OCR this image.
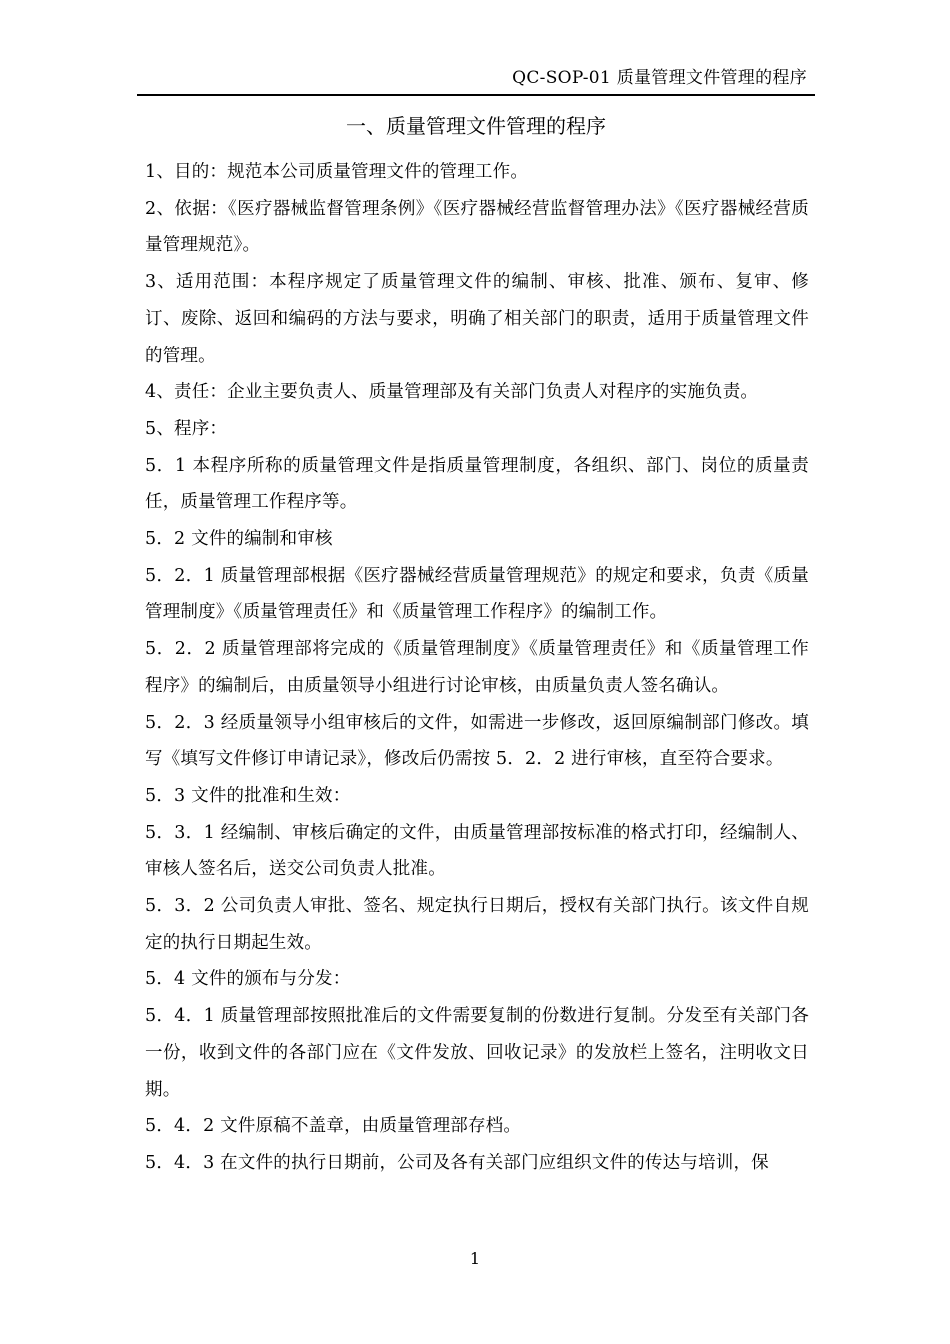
QC-SOP-01 质量管理文件管理的程序
一、质量管理文件管理的程序

1、目的：规范本公司质量管理文件的管理工作。

2、依据：《医疗器械监督管理条例》《医疗器械经营监督管理办法》《医疗器械经营质量管理规范》。

3、适用范围：本程序规定了质量管理文件的编制、审核、批准、颁布、复审、修订、废除、返回和编码的方法与要求，明确了相关部门的职责，适用于质量管理文件的管理。

4、责任：企业主要负责人、质量管理部及有关部门负责人对程序的实施负责。

5、程序：

5．1 本程序所称的质量管理文件是指质量管理制度，各组织、部门、岗位的质量责任，质量管理工作程序等。

5．2 文件的编制和审核

5．2．1 质量管理部根据《医疗器械经营质量管理规范》的规定和要求，负责《质量管理制度》《质量管理责任》和《质量管理工作程序》的编制工作。

5．2．2 质量管理部将完成的《质量管理制度》《质量管理责任》和《质量管理工作程序》的编制后，由质量领导小组进行讨论审核，由质量负责人签名确认。

5．2．3 经质量领导小组审核后的文件，如需进一步修改，返回原编制部门修改。填写《填写文件修订申请记录》，修改后仍需按 5．2．2 进行审核，直至符合要求。

5．3 文件的批准和生效：

5．3．1 经编制、审核后确定的文件，由质量管理部按标准的格式打印，经编制人、审核人签名后，送交公司负责人批准。

5．3．2 公司负责人审批、签名、规定执行日期后，授权有关部门执行。该文件自规定的执行日期起生效。

5．4 文件的颁布与分发：

5．4．1 质量管理部按照批准后的文件需要复制的份数进行复制。分发至有关部门各一份，收到文件的各部门应在《文件发放、回收记录》的发放栏上签名，注明收文日期。

5．4．2 文件原稿不盖章，由质量管理部存档。

5．4．3 在文件的执行日期前，公司及各有关部门应组织文件的传达与培训，保

1
